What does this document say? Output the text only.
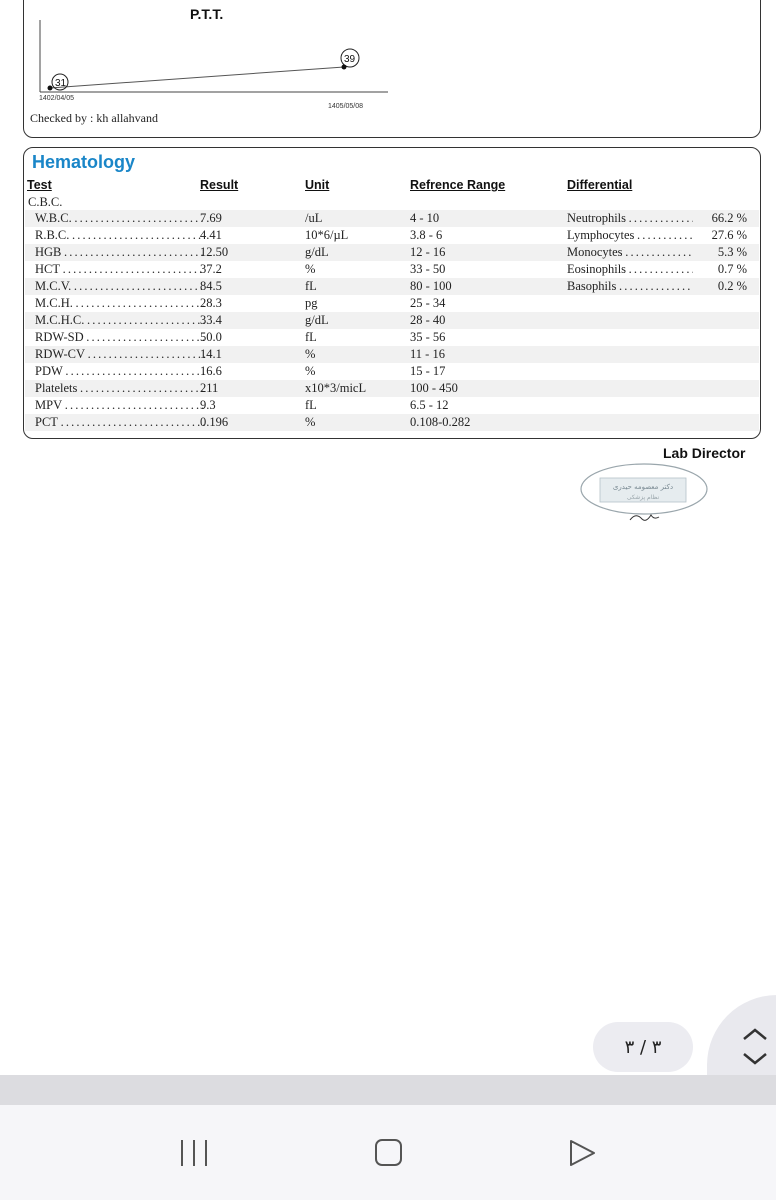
P.T.T.
31
39
1402/04/05
1405/05/08
Checked by : kh allahvand
Hematology
Test	Result	Unit	Refrence Range	Differential
C.B.C.
W.B.C. . . .	7.69	/uL	4 - 10	Neutrophils . . .	66.2 %
R.B.C. . . .	4.41	10*6/µL	3.8 - 6	Lymphocytes . . .	27.6 %
HGB . . .	12.50	g/dL	12 - 16	Monocytes . . .	5.3 %
HCT . . .	37.2	%	33 - 50	Eosinophils . . .	0.7 %
M.C.V. . . .	84.5	fL	80 - 100	Basophils . . .	0.2 %
M.C.H. . . .	28.3	pg	25 - 34
M.C.H.C. . . .	33.4	g/dL	28 - 40
RDW-SD . . .	50.0	fL	35 - 56
RDW-CV . . .	14.1	%	11 - 16
PDW . . .	16.6	%	15 - 17
Platelets . . .	211	x10*3/micL	100 - 450
MPV . . .	9.3	fL	6.5 - 12
PCT . . .	0.196	%	0.108-0.282
Lab Director
دکتر معصومه حیدری
نظام پزشکی
۳ / ۳
